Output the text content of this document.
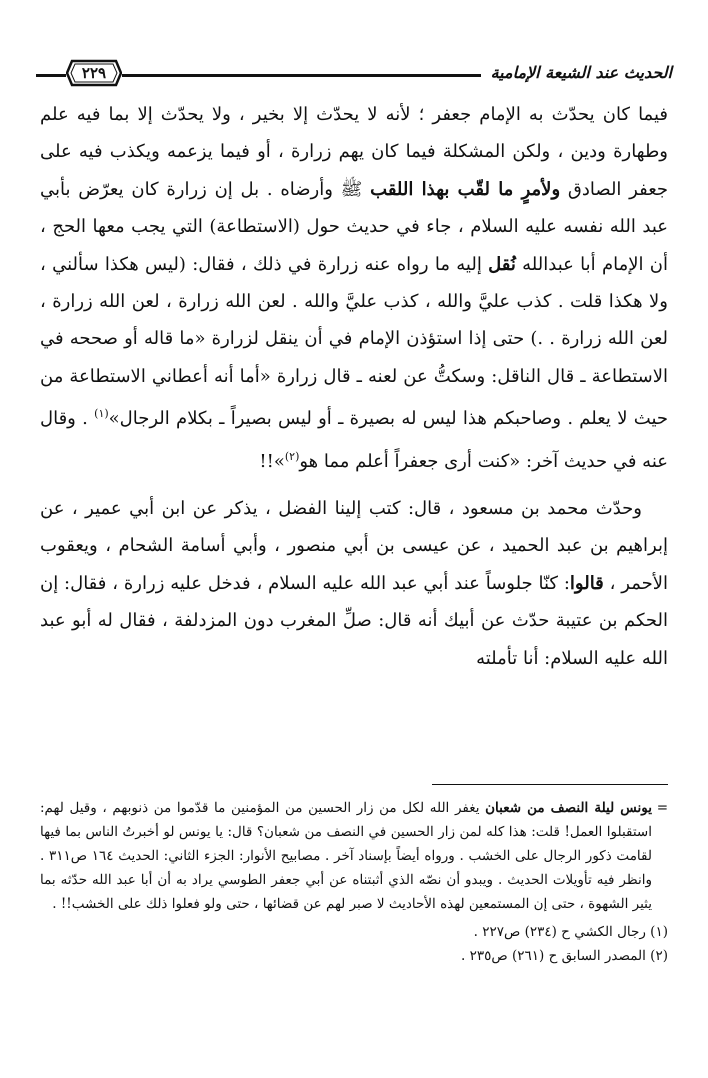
الحديث عند الشيعة الإمامية
٢٢٩

فيما كان يحدّث به الإمام جعفر ؛ لأنه لا يحدّث إلا بخير ، ولا يحدّث إلا بما فيه علم وطهارة ودين ، ولكن المشكلة فيما كان يهم زرارة ، أو فيما يزعمه ويكذب فيه على جعفر الصادق ولأمرٍ ما لقّب بهذا اللقب ﷺ وأرضاه . بل إن زرارة كان يعرّض بأبي عبد الله نفسه عليه السلام ، جاء في حديث حول (الاستطاعة) التي يجب معها الحج ، أن الإمام أبا عبدالله نُقل إليه ما رواه عنه زرارة في ذلك ، فقال: (ليس هكذا سألني ، ولا هكذا قلت . كذب عليَّ والله ، كذب عليَّ والله . لعن الله زرارة ، لعن الله زرارة ، لعن الله زرارة . .) حتى إذا استؤذن الإمام في أن ينقل لزرارة «ما قاله أو صححه في الاستطاعة ـ قال الناقل: وسكتُّ عن لعنه ـ قال زرارة «أما أنه أعطاني الاستطاعة من حيث لا يعلم . وصاحبكم هذا ليس له بصيرة ـ أو ليس بصيراً ـ بكلام الرجال»$^{(١)}$ . وقال عنه في حديث آخر: «كنت أرى جعفراً أعلم مما هو$^{(٢)}$»!!

وحدّث محمد بن مسعود ، قال: كتب إلينا الفضل ، يذكر عن ابن أبي عمير ، عن إبراهيم بن عبد الحميد ، عن عيسى بن أبي منصور ، وأبي أسامة الشحام ، ويعقوب الأحمر ، قالوا: كنّا جلوساً عند أبي عبد الله عليه السلام ، فدخل عليه زرارة ، فقال: إن الحكم بن عتيبة حدّث عن أبيك أنه قال: صلِّ المغرب دون المزدلفة ، فقال له أبو عبد الله عليه السلام: أنا تأملته

=
يونس ليلة النصف من شعبان يغفر الله لكل من زار الحسين من المؤمنين ما قدّموا من ذنوبهم ، وقيل لهم: استقبلوا العمل! قلت: هذا كله لمن زار الحسين في النصف من شعبان؟ قال: يا يونس لو أخبرتُ الناس بما فيها لقامت ذكور الرجال على الخشب . ورواه أيضاً بإسناد آخر . مصابيح الأنوار: الجزء الثاني: الحديث ١٦٤ ص٣١١ . وانظر فيه تأويلات الحديث . ويبدو أن نصّه الذي أثبتناه عن أبي جعفر الطوسي يراد به أن أبا عبد الله حدّثه بما يثير الشهوة ، حتى إن المستمعين لهذه الأحاديث لا صبر لهم عن قضائها ، حتى ولو فعلوا ذلك على الخشب!! .

(١) رجال الكشي ح (٢٣٤) ص٢٢٧ .

(٢) المصدر السابق ح (٢٦١) ص٢٣٥ .
